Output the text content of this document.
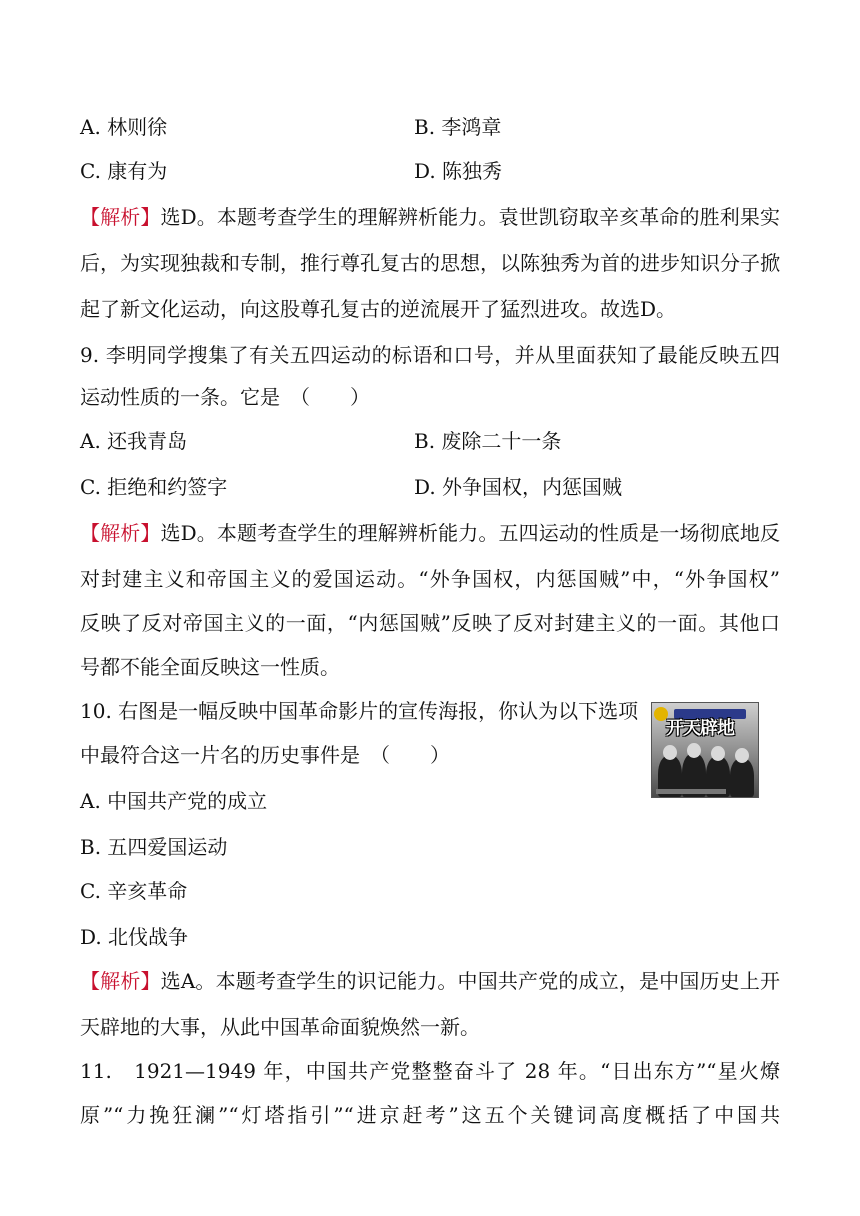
A. 林则徐	B. 李鸿章
C. 康有为	D. 陈独秀
【解析】选D。本题考查学生的理解辨析能力。袁世凯窃取辛亥革命的胜利果实
后，为实现独裁和专制，推行尊孔复古的思想，以陈独秀为首的进步知识分子掀
起了新文化运动，向这股尊孔复古的逆流展开了猛烈进攻。故选D。
9. 李明同学搜集了有关五四运动的标语和口号，并从里面获知了最能反映五四
运动性质的一条。它是　（　　）
A. 还我青岛	B. 废除二十一条
C. 拒绝和约签字	D. 外争国权，内惩国贼
【解析】选D。本题考查学生的理解辨析能力。五四运动的性质是一场彻底地反
对封建主义和帝国主义的爱国运动。“外争国权，内惩国贼”中，“外争国权”
反映了反对帝国主义的一面，“内惩国贼”反映了反对封建主义的一面。其他口
号都不能全面反映这一性质。
10. 右图是一幅反映中国革命影片的宣传海报，你认为以下选项
中最符合这一片名的历史事件是　（　　）
开天辟地
A. 中国共产党的成立
B. 五四爱国运动
C. 辛亥革命
D. 北伐战争
【解析】选A。本题考查学生的识记能力。中国共产党的成立，是中国历史上开
天辟地的大事，从此中国革命面貌焕然一新。
11.　1921—1949 年，中国共产党整整奋斗了 28 年。“日出东方”“星火燎
原”“力挽狂澜”“灯塔指引”“进京赶考”这五个关键词高度概括了中国共
